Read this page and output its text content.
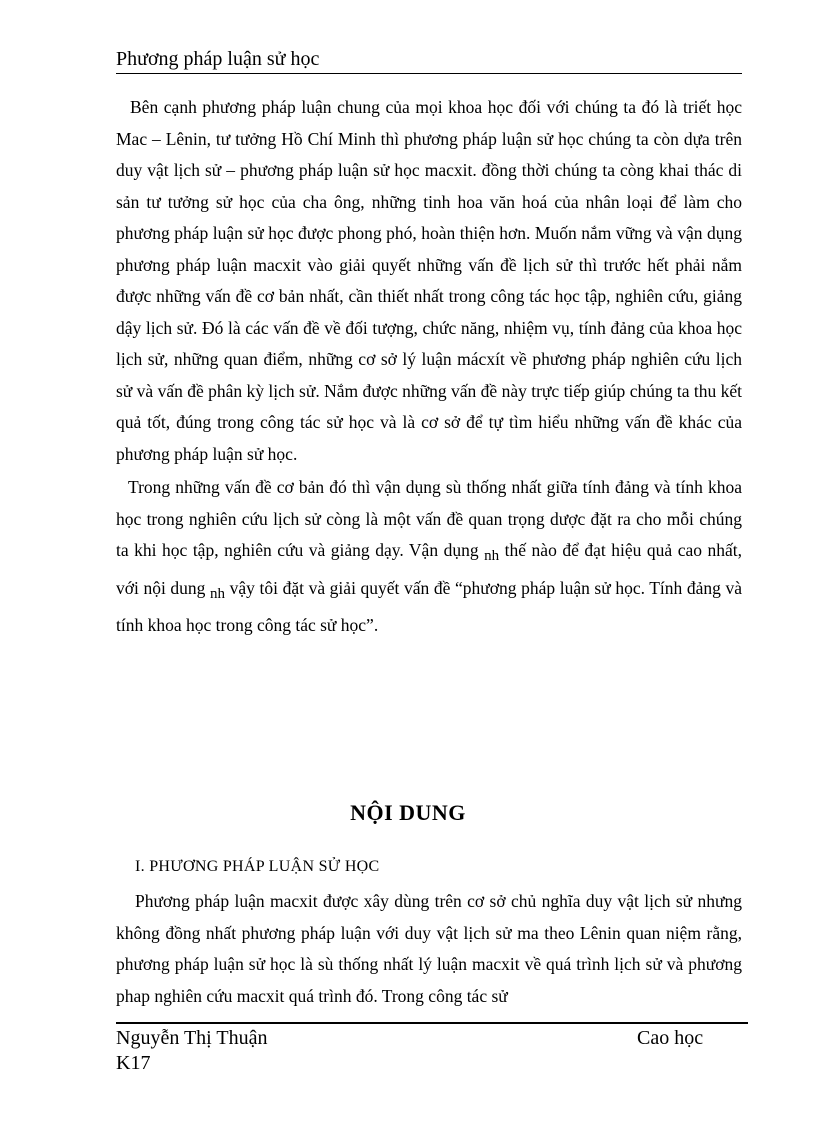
Phương pháp luận sử học

Bên cạnh phương pháp luận chung của mọi khoa học đối với chúng ta đó là triết học Mac – Lênin, tư tưởng Hồ Chí Minh thì phương pháp luận sử học chúng ta còn dựa trên duy vật lịch sử – phương pháp luận sử học macxit. đồng thời chúng ta còng khai thác di sản tư tưởng sử học của cha ông, những tinh hoa văn hoá của nhân loại để làm cho phương pháp luận sử học được phong phó, hoàn thiện hơn. Muốn nắm vững và vận dụng phương pháp luận macxit vào giải quyết những vấn đề lịch sử thì trước hết phải nắm được những vấn đề cơ bản nhất, cần thiết nhất trong công tác học tập, nghiên cứu, giảng dậy lịch sử. Đó là các vấn đề về đối tượng, chức năng, nhiệm vụ, tính đảng của khoa học lịch sử, những quan điểm, những cơ sở lý luận mácxít về phương pháp nghiên cứu lịch sử và vấn đề phân kỳ lịch sử. Nắm được những vấn đề này trực tiếp giúp chúng ta thu kết quả tốt, đúng trong công tác sử học và là cơ sở để tự tìm hiểu những vấn đề khác của phương pháp luận sử học.

Trong những vấn đề cơ bản đó thì vận dụng sù thống nhất giữa tính đảng và tính khoa học trong nghiên cứu lịch sử còng là một vấn đề quan trọng dược đặt ra cho mỗi chúng ta khi học tập, nghiên cứu và giảng dạy. Vận dụng nh thế nào để đạt hiệu quả cao nhất, với nội dung nh vậy tôi đặt và giải quyết vấn đề “phương pháp luận sử học. Tính đảng và tính khoa học trong công tác sử học”.

NỘI DUNG
I. PHƯƠNG PHÁP LUẬN SỬ HỌC

Phương pháp luận macxit được xây dùng trên cơ sở chủ nghĩa duy vật lịch sử nhưng không đồng nhất phương pháp luận với duy vật lịch sử ma theo Lênin quan niệm rằng, phương pháp luận sử học là sù thống nhất lý luận macxit về quá trình lịch sử và phương phap nghiên cứu macxit quá trình đó. Trong công tác sử

Nguyễn Thị Thuận	Cao học
K17
